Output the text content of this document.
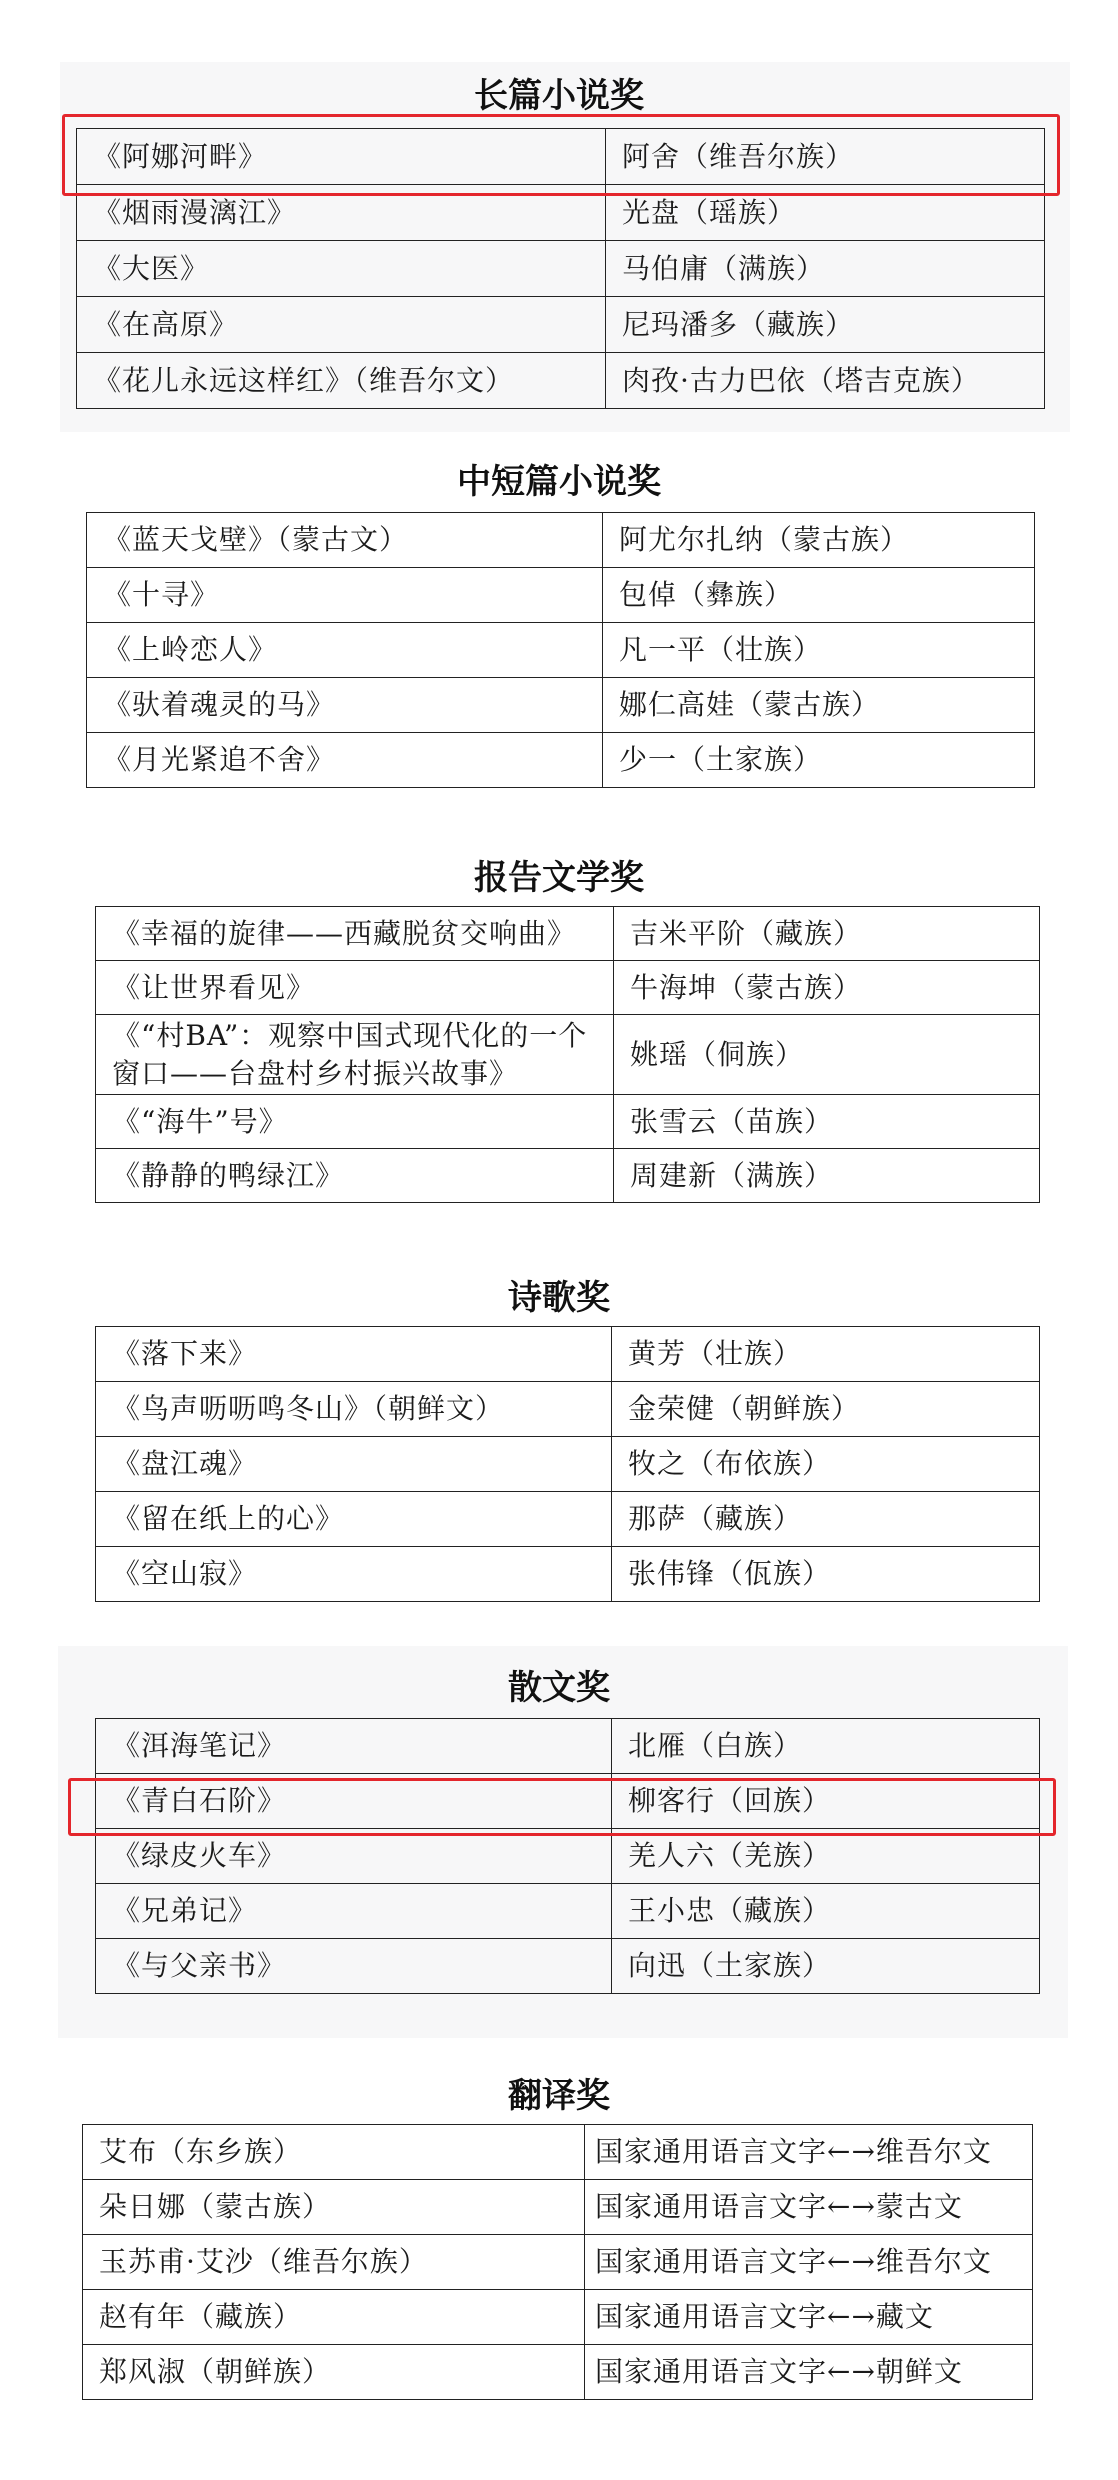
长篇小说奖
《阿娜河畔》	阿舍（维吾尔族）
《烟雨漫漓江》	光盘（瑶族）
《大医》	马伯庸（满族）
《在高原》	尼玛潘多（藏族）
《花儿永远这样红》（维吾尔文）	肉孜·古力巴依（塔吉克族）
中短篇小说奖
《蓝天戈壁》（蒙古文）	阿尤尔扎纳（蒙古族）
《十寻》	包倬（彝族）
《上岭恋人》	凡一平（壮族）
《驮着魂灵的马》	娜仁高娃（蒙古族）
《月光紧追不舍》	少一（土家族）
报告文学奖
《幸福的旋律——西藏脱贫交响曲》	吉米平阶（藏族）
《让世界看见》	牛海坤（蒙古族）
《“村BA”：观察中国式现代化的一个窗口——台盘村乡村振兴故事》	姚瑶（侗族）
《“海牛”号》	张雪云（苗族）
《静静的鸭绿江》	周建新（满族）
诗歌奖
《落下来》	黄芳（壮族）
《鸟声呖呖鸣冬山》（朝鲜文）	金荣健（朝鲜族）
《盘江魂》	牧之（布依族）
《留在纸上的心》	那萨（藏族）
《空山寂》	张伟锋（佤族）
散文奖
《洱海笔记》	北雁（白族）
《青白石阶》	柳客行（回族）
《绿皮火车》	羌人六（羌族）
《兄弟记》	王小忠（藏族）
《与父亲书》	向迅（土家族）
翻译奖
艾布（东乡族）	国家通用语言文字←→维吾尔文
朵日娜（蒙古族）	国家通用语言文字←→蒙古文
玉苏甫·艾沙（维吾尔族）	国家通用语言文字←→维吾尔文
赵有年（藏族）	国家通用语言文字←→藏文
郑风淑（朝鲜族）	国家通用语言文字←→朝鲜文
